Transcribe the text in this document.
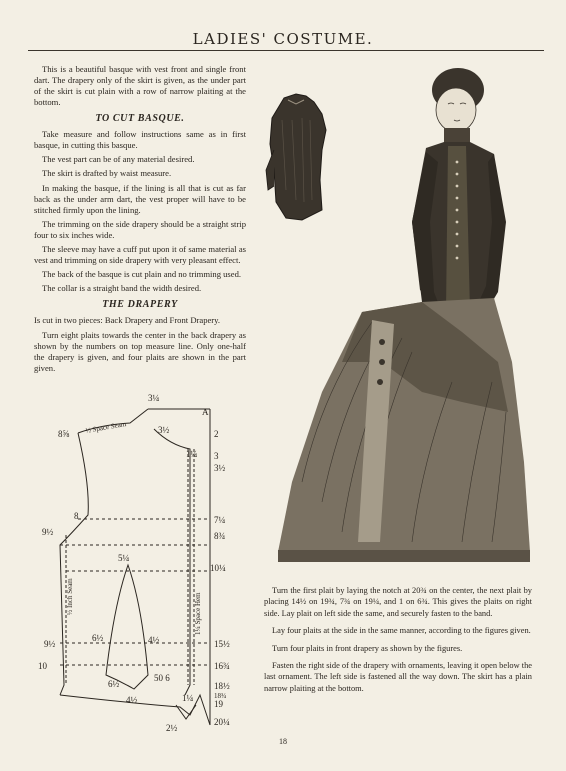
LADIES' COSTUME.

This is a beautiful basque with vest front and single front dart. The drapery only of the skirt is given, as the under part of the skirt is cut plain with a row of narrow plaiting at the bottom.

TO CUT BASQUE.

Take measure and follow instructions same as in first basque, in cutting this basque.

The vest part can be of any material desired.

The skirt is drafted by waist measure.

In making the basque, if the lining is all that is cut as far back as the under arm dart, the vest proper will have to be stitched firmly upon the lining.

The trimming on the side drapery should be a straight strip four to six inches wide.

The sleeve may have a cuff put upon it of same material as vest and trimming on side drapery with very pleasant effect.

The back of the basque is cut plain and no trimming used.

The collar is a straight band the width desired.

THE DRAPERY

Is cut in two pieces: Back Drapery and Front Drapery.

Turn eight plaits towards the center in the back drapery as shown by the numbers on top measure line. Only one-half the drapery is given, and four plaits are shown in the part given.

3¼
A
8⅝ ½ Space Seam	3½	2
1¼ 3
3½
8	7¼
9½	8¾
5¼
10¼
½ Inch Seam	1¼ Space Hem
9½
6½	4½	15½
10	16¾
50 6
6½	18½
18¾
4½	1¼
19
2½
20¼

Turn the first plait by laying the notch at 20¾ on the center, the next plait by placing 14½ on 19¾, 7¾ on 19¼, and 1 on 6¾. This gives the plaits on right side. Lay plait on left side the same, and securely fasten to the band.

Lay four plaits at the side in the same manner, according to the figures given.

Turn four plaits in front drapery as shown by the figures.

Fasten the right side of the drapery with ornaments, leaving it open below the last ornament. The left side is fastened all the way down. The skirt has a plain narrow plaiting at the bottom.

18
